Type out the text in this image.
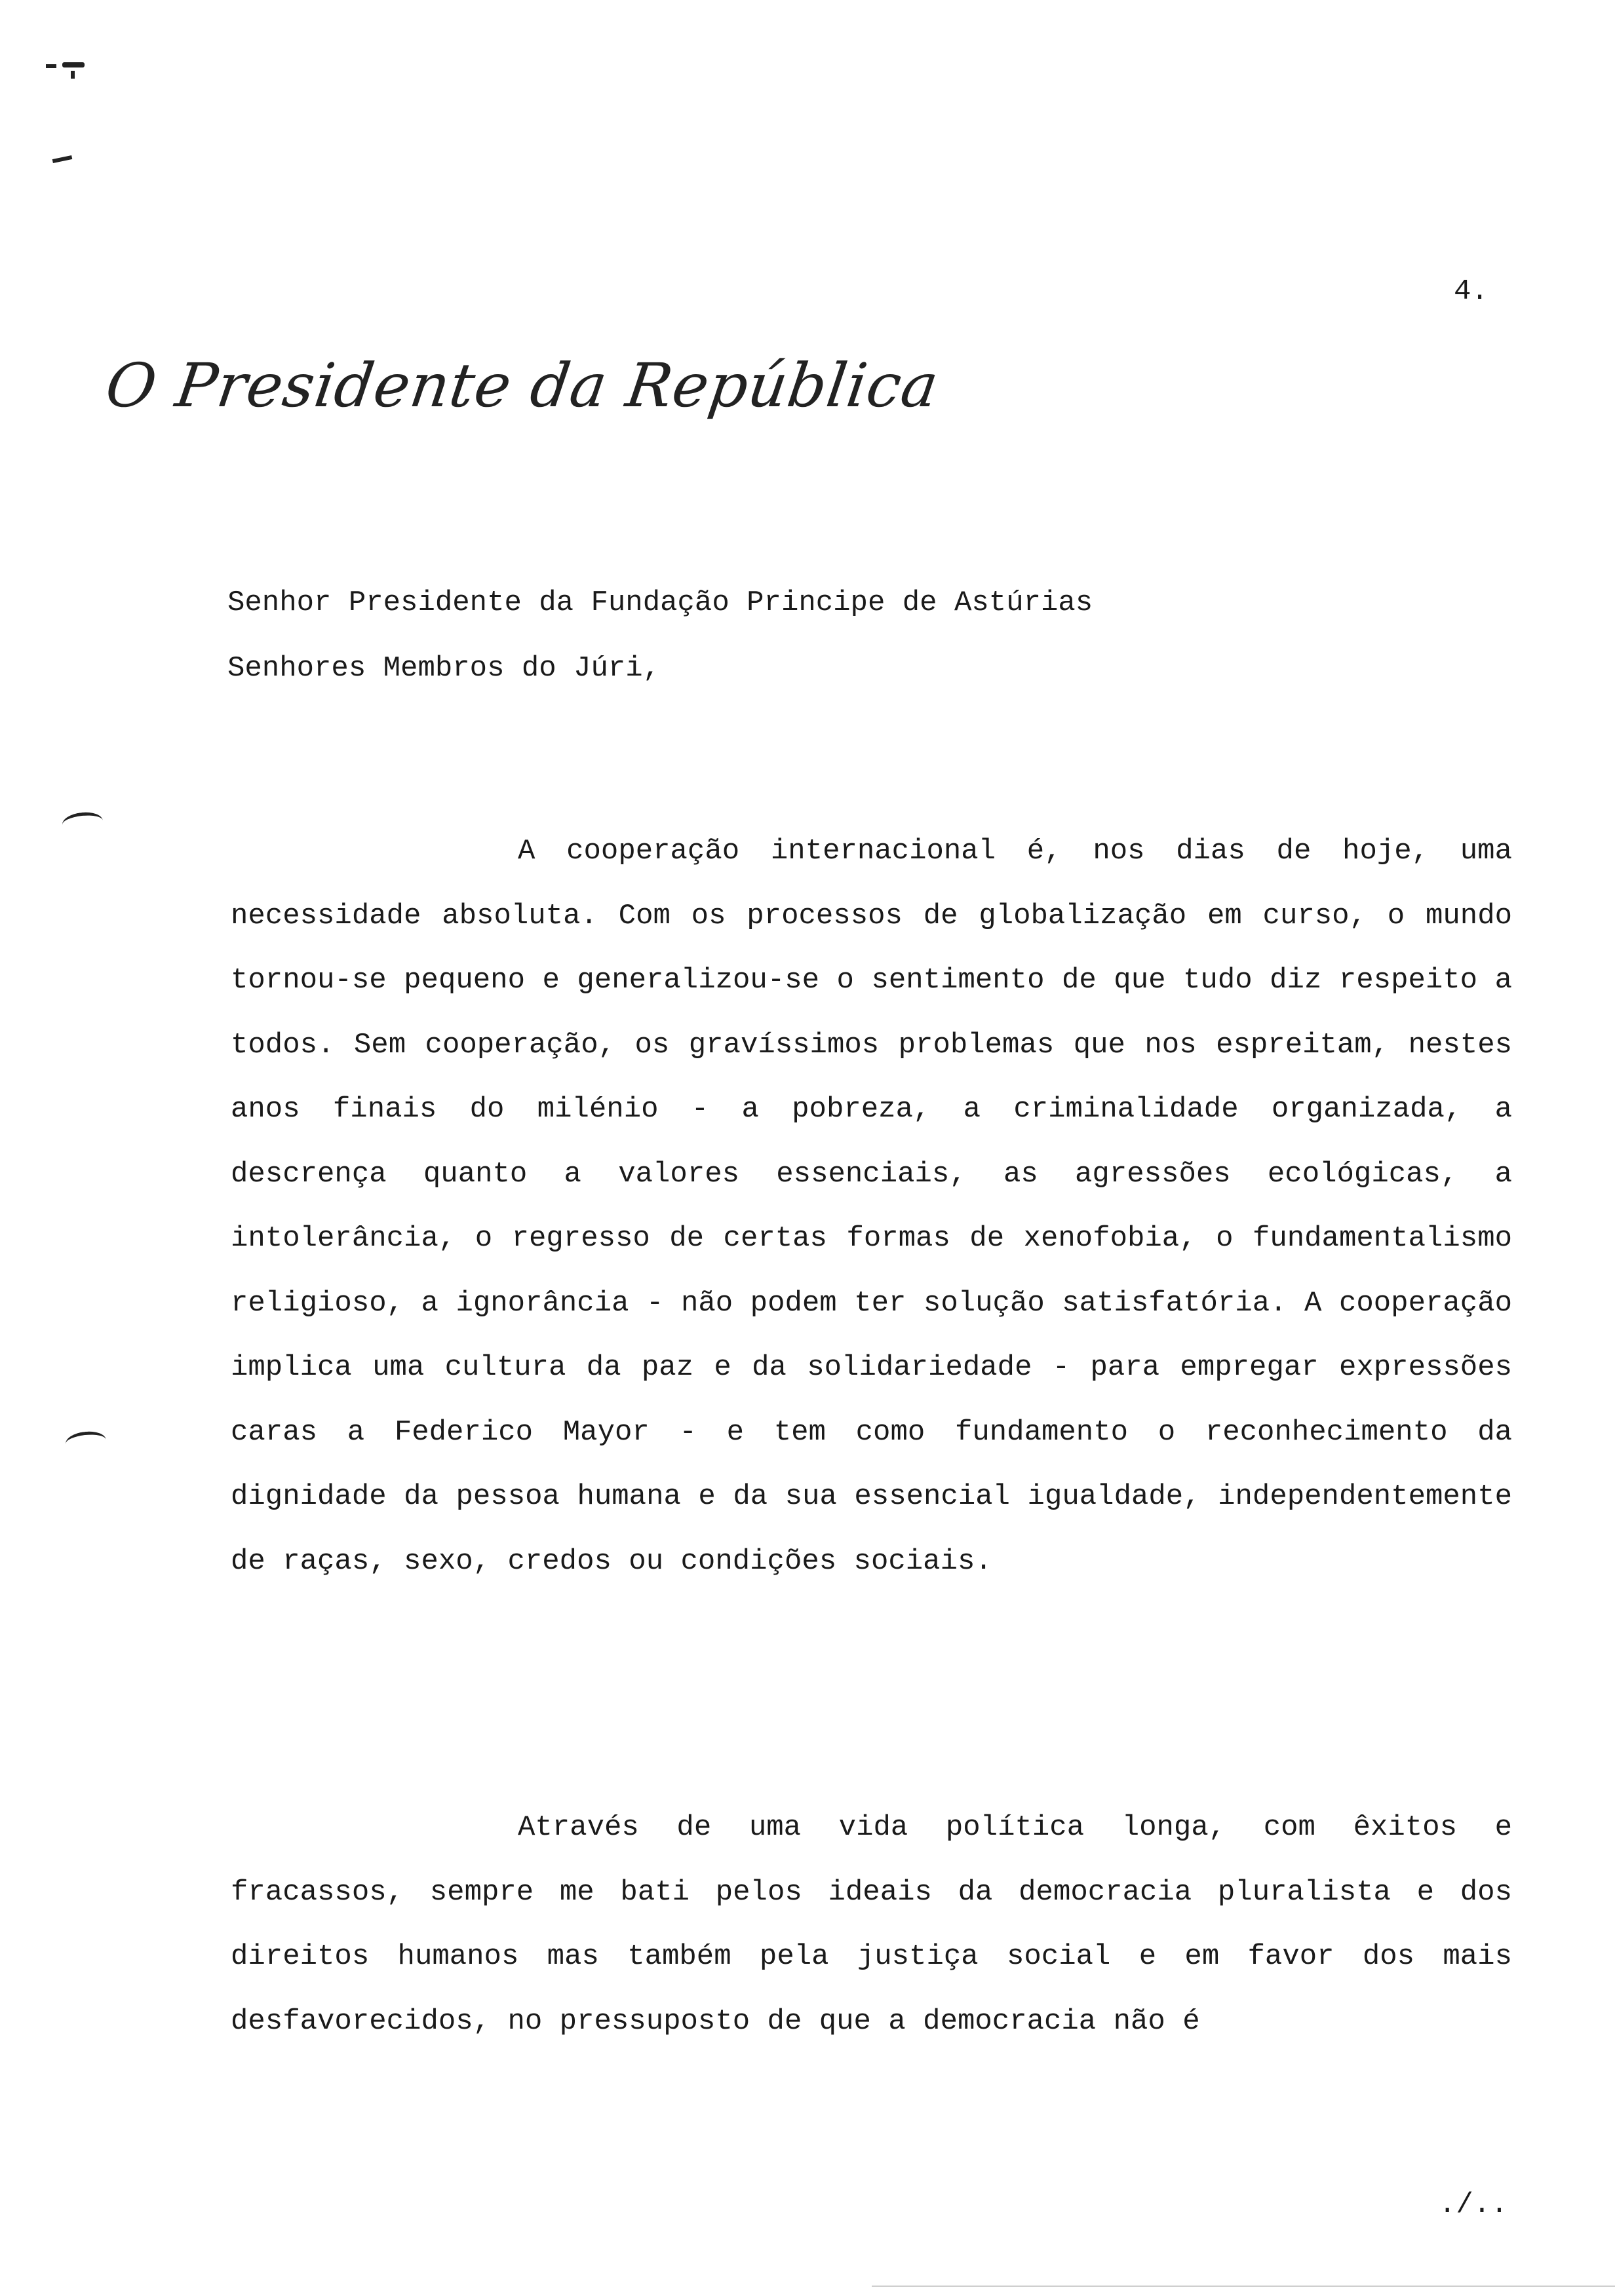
4.
O Presidente da República
Senhor Presidente da Fundação Principe de Astúrias
Senhores Membros do Júri,

A cooperação internacional é, nos dias de hoje, uma necessidade absoluta. Com os processos de globalização em curso, o mundo tornou-se pequeno e generalizou-se o sentimento de que tudo diz respeito a todos. Sem cooperação, os gravíssimos problemas que nos espreitam, nestes anos finais do milénio - a pobreza, a criminalidade organizada, a descrença quanto a valores essenciais, as agressões ecológicas, a intolerância, o regresso de certas formas de xenofobia, o fundamentalismo religioso, a ignorância - não podem ter solução satisfatória. A cooperação implica uma cultura da paz e da solidariedade - para empregar expressões caras a Federico Mayor - e tem como fundamento o reconhecimento da dignidade da pessoa humana e da sua essencial igualdade, independentemente de raças, sexo, credos ou condições sociais.

Através de uma vida política longa, com êxitos e fracassos, sempre me bati pelos ideais da democracia pluralista e dos direitos humanos mas também pela justiça social e em favor dos mais desfavorecidos, no pressuposto de que a democracia não é

./..
